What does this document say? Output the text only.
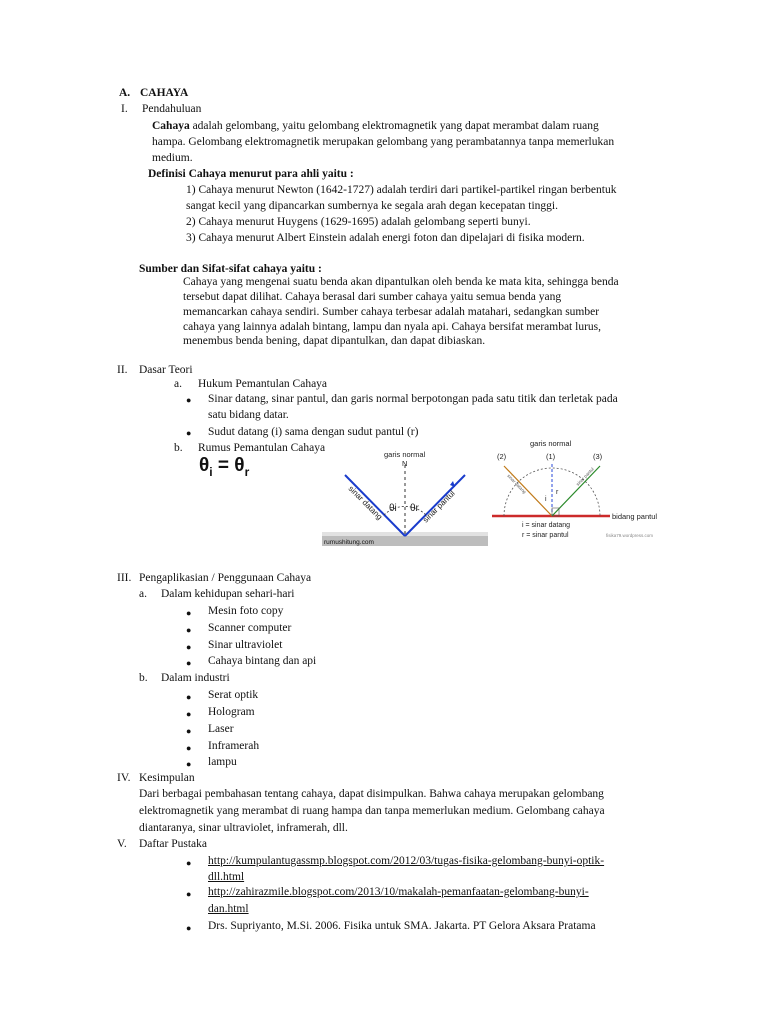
A. CAHAYA
I. Pendahuluan
Cahaya adalah gelombang, yaitu gelombang elektromagnetik yang dapat merambat dalam ruang
hampa. Gelombang elektromagnetik merupakan gelombang yang perambatannya tanpa memerlukan
medium.
Definisi Cahaya menurut para ahli yaitu :
1) Cahaya menurut Newton (1642-1727) adalah terdiri dari partikel-partikel ringan berbentuk
sangat kecil yang dipancarkan sumbernya ke segala arah degan kecepatan tinggi.
2) Cahaya menurut Huygens (1629-1695) adalah gelombang seperti bunyi.
3) Cahaya menurut Albert Einstein adalah energi foton dan dipelajari di fisika modern.
Sumber dan Sifat-sifat cahaya yaitu :
Cahaya yang mengenai suatu benda akan dipantulkan oleh benda ke mata kita, sehingga benda
tersebut dapat dilihat. Cahaya berasal dari sumber cahaya yaitu semua benda yang
memancarkan cahaya sendiri. Sumber cahaya terbesar adalah matahari, sedangkan sumber
cahaya yang lainnya adalah bintang, lampu dan nyala api. Cahaya bersifat merambat lurus,
menembus benda bening, dapat dipantulkan, dan dapat dibiaskan.
II. Dasar Teori
a. Hukum Pemantulan Cahaya
● Sinar datang, sinar pantul, dan garis normal berpotongan pada satu titik dan terletak pada
satu bidang datar.
● Sudut datang (i) sama dengan sudut pantul (r)
b. Rumus Pemantulan Cahaya
$\theta_i = \theta_r$
garis normal
N
sinar datang	sinar pantul
θi θr
rumushitung.com
garis normal
(2)	(1)	(3)
sinar datang	sinar pantul
i
r
bidang pantul
i = sinar datang
r = sinar pantul	fisika79.wordpress.com
III. Pengaplikasian / Penggunaan Cahaya
a. Dalam kehidupan sehari-hari
● Mesin foto copy
● Scanner computer
● Sinar ultraviolet
● Cahaya bintang dan api
b. Dalam industri
● Serat optik
● Hologram
● Laser
● Inframerah
● lampu
IV. Kesimpulan
Dari berbagai pembahasan tentang cahaya, dapat disimpulkan. Bahwa cahaya merupakan gelombang
elektromagnetik yang merambat di ruang hampa dan tanpa memerlukan medium. Gelombang cahaya
diantaranya, sinar ultraviolet, inframerah, dll.
V. Daftar Pustaka
● http://kumpulantugassmp.blogspot.com/2012/03/tugas-fisika-gelombang-bunyi-optik-
dll.html
● http://zahirazmile.blogspot.com/2013/10/makalah-pemanfaatan-gelombang-bunyi-
dan.html
● Drs. Supriyanto, M.Si. 2006. Fisika untuk SMA. Jakarta. PT Gelora Aksara Pratama
